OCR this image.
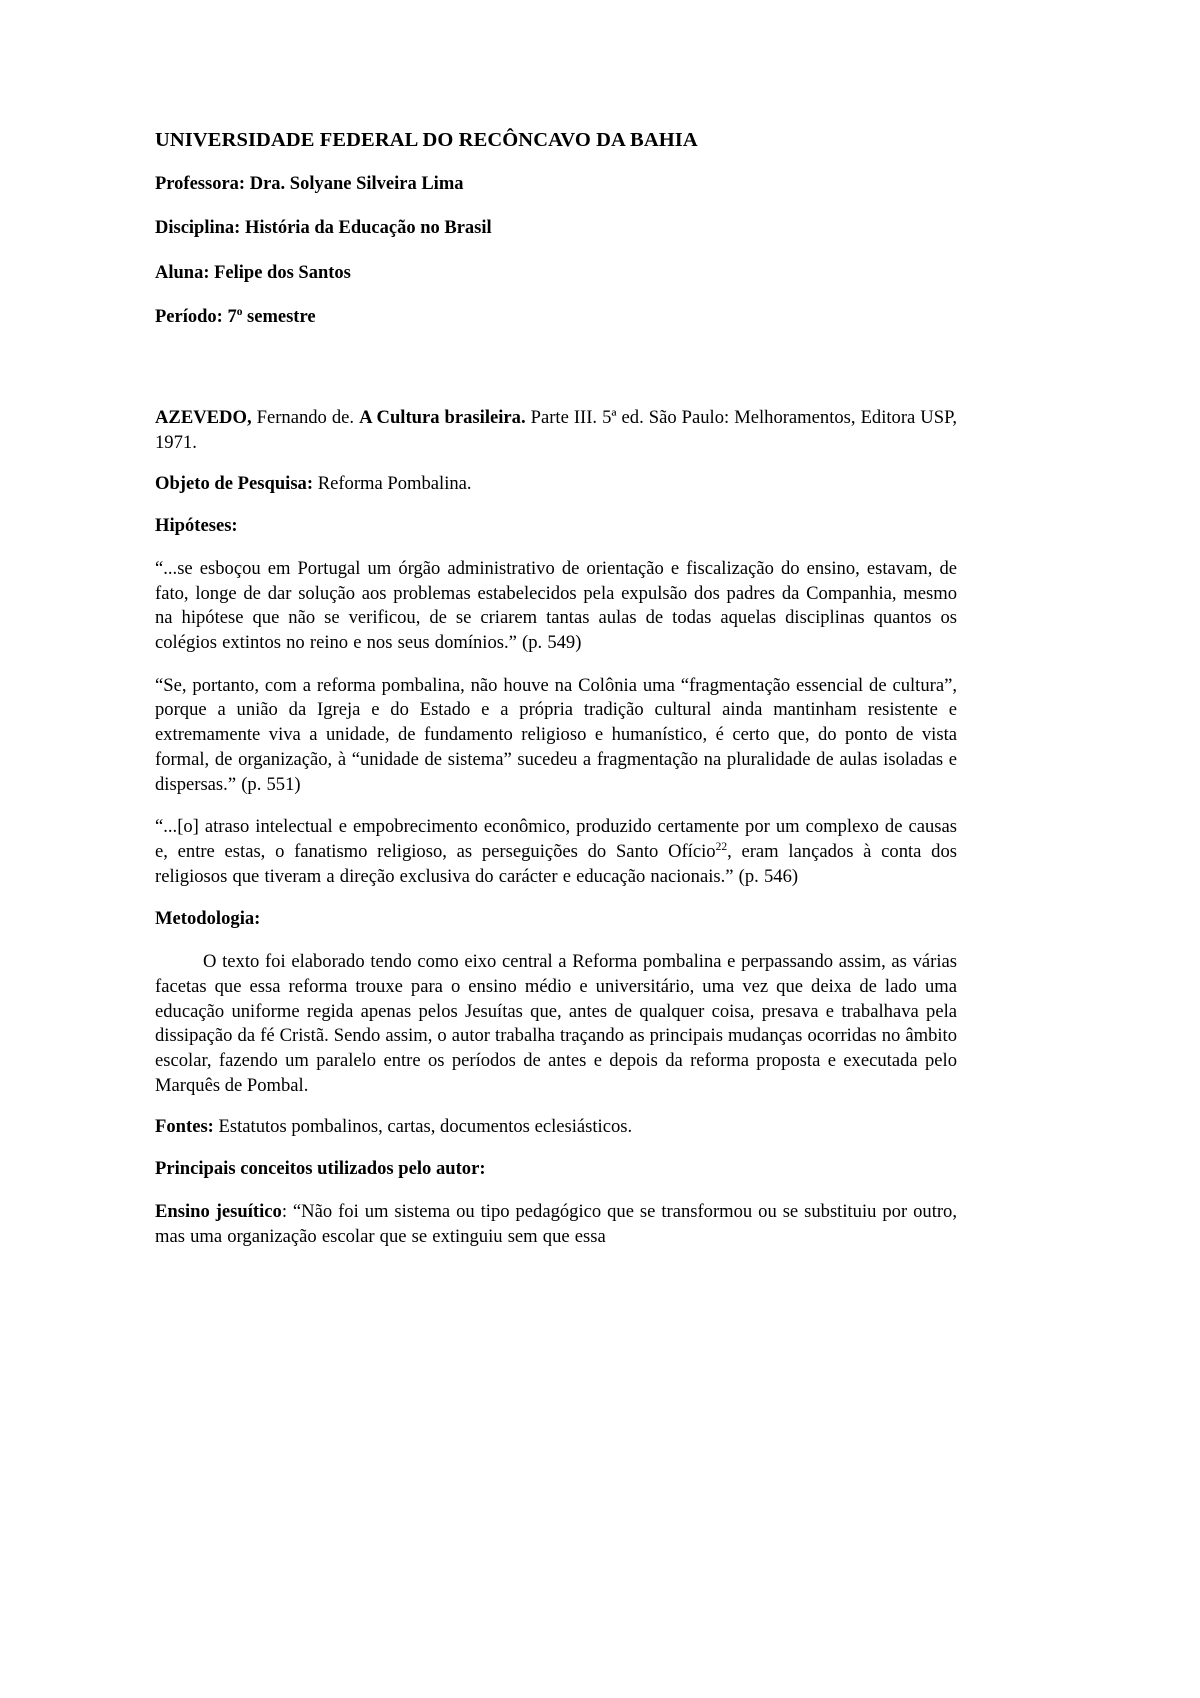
UNIVERSIDADE FEDERAL DO RECÔNCAVO DA BAHIA

Professora: Dra. Solyane Silveira Lima

Disciplina: História da Educação no Brasil

Aluna: Felipe dos Santos

Período: 7$^o$ semestre

AZEVEDO, Fernando de. A Cultura brasileira. Parte III. 5ª ed. São Paulo: Melhoramentos, Editora USP, 1971.

Objeto de Pesquisa: Reforma Pombalina.

Hipóteses:

“...se esboçou em Portugal um órgão administrativo de orientação e fiscalização do ensino, estavam, de fato, longe de dar solução aos problemas estabelecidos pela expulsão dos padres da Companhia, mesmo na hipótese que não se verificou, de se criarem tantas aulas de todas aquelas disciplinas quantos os colégios extintos no reino e nos seus domínios.” (p. 549)

“Se, portanto, com a reforma pombalina, não houve na Colônia uma “fragmentação essencial de cultura”, porque a união da Igreja e do Estado e a própria tradição cultural ainda mantinham resistente e extremamente viva a unidade, de fundamento religioso e humanístico, é certo que, do ponto de vista formal, de organização, à “unidade de sistema” sucedeu a fragmentação na pluralidade de aulas isoladas e dispersas.” (p. 551)

“...[o] atraso intelectual e empobrecimento econômico, produzido certamente por um complexo de causas e, entre estas, o fanatismo religioso, as perseguições do Santo Ofício$^{22}$, eram lançados à conta dos religiosos que tiveram a direção exclusiva do carácter e educação nacionais.” (p. 546)

Metodologia:

O texto foi elaborado tendo como eixo central a Reforma pombalina e perpassando assim, as várias facetas que essa reforma trouxe para o ensino médio e universitário, uma vez que deixa de lado uma educação uniforme regida apenas pelos Jesuítas que, antes de qualquer coisa, presava e trabalhava pela dissipação da fé Cristã. Sendo assim, o autor trabalha traçando as principais mudanças ocorridas no âmbito escolar, fazendo um paralelo entre os períodos de antes e depois da reforma proposta e executada pelo Marquês de Pombal.

Fontes: Estatutos pombalinos, cartas, documentos eclesiásticos.

Principais conceitos utilizados pelo autor:

Ensino jesuítico: “Não foi um sistema ou tipo pedagógico que se transformou ou se substituiu por outro, mas uma organização escolar que se extinguiu sem que essa
